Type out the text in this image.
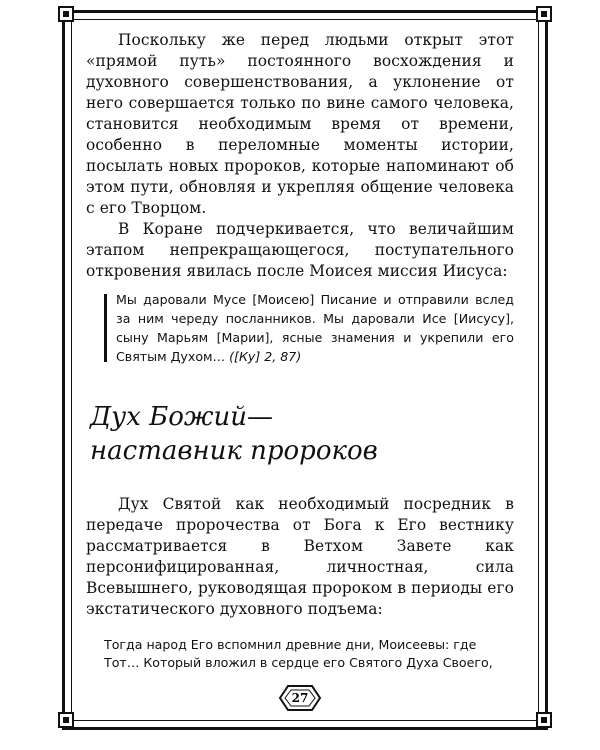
Поскольку же перед людьми открыт этот «прямой путь» постоянного восхождения и духовного совершенствования, а уклонение от него совершается только по вине самого человека, становится необходимым время от времени, особенно в переломные моменты истории, посылать новых пророков, которые напоминают об этом пути, обновляя и укрепляя общение человека с его Творцом.

В Коране подчеркивается, что величайшим этапом непрекращающегося, поступательного откровения явилась после Моисея миссия Иисуса:

Мы даровали Мусе [Моисею] Писание и отправили вслед за ним череду посланников. Мы даровали Исе [Иисусу], сыну Марьям [Марии], ясные знамения и укрепили его Святым Духом… ([Ку] 2, 87)
Дух Божий—
наставник пророков

Дух Святой как необходимый посредник в передаче пророчества от Бога к Его вестнику рассматривается в Ветхом Завете как персонифицированная, личностная, сила Всевышнего, руководящая пророком в периоды его экстатического духовного подъема:

Тогда народ Его вспомнил древние дни, Моисеевы: где Тот… Который вложил в сердце его Святого Духа Своего,
27
